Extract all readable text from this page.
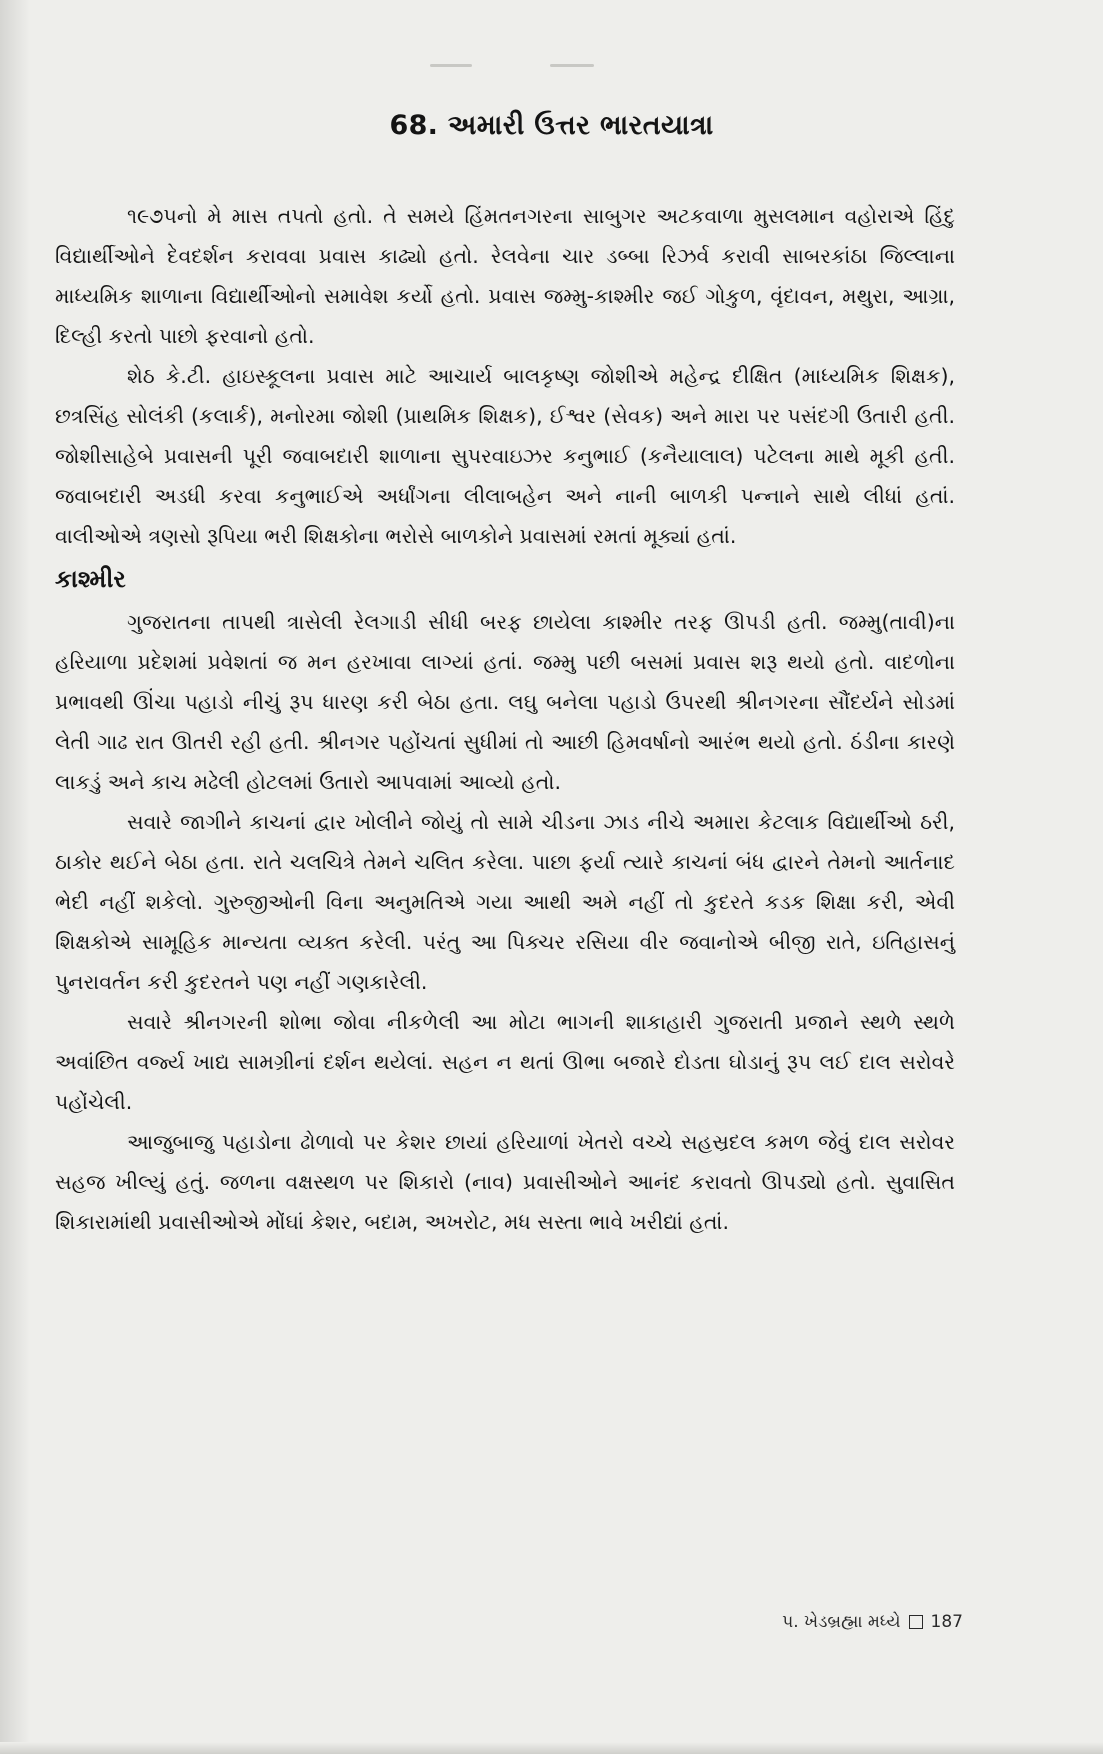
68. અમારી ઉત્તર ભારતયાત્રા

૧૯૭૫નો મે માસ તપતો હતો. તે સમયે હિંમતનગરના સાબુગર અટકવાળા મુસલમાન વહોરાએ હિંદુ વિદ્યાર્થીઓને દેવદર્શન કરાવવા પ્રવાસ કાઢ્યો હતો. રેલવેના ચાર ડબ્બા રિઝર્વ કરાવી સાબરકાંઠા જિલ્લાના માધ્યમિક શાળાના વિદ્યાર્થીઓનો સમાવેશ કર્યો હતો. પ્રવાસ જમ્મુ-કાશ્મીર જઈ ગોકુળ, વૃંદાવન, મથુરા, આગ્રા, દિલ્હી કરતો પાછો ફરવાનો હતો.

શેઠ કે.ટી. હાઇસ્કૂલના પ્રવાસ માટે આચાર્ય બાલકૃષ્ણ જોશીએ મહેન્દ્ર દીક્ષિત (માધ્યમિક શિક્ષક), છત્રસિંહ સોલંકી (કલાર્ક), મનોરમા જોશી (પ્રાથમિક શિક્ષક), ઈશ્વર (સેવક) અને મારા પર પસંદગી ઉતારી હતી. જોશીસાહેબે પ્રવાસની પૂરી જવાબદારી શાળાના સુપરવાઇઝર કનુભાઈ (કનૈયાલાલ) પટેલના માથે મૂકી હતી. જવાબદારી અડધી કરવા કનુભાઈએ અર્ધાંગના લીલાબહેન અને નાની બાળકી પન્નાને સાથે લીધાં હતાં. વાલીઓએ ત્રણસો રૂપિયા ભરી શિક્ષકોના ભરોસે બાળકોને પ્રવાસમાં રમતાં મૂક્યાં હતાં.

કાશ્મીર

ગુજરાતના તાપથી ત્રાસેલી રેલગાડી સીધી બરફ છાયેલા કાશ્મીર તરફ ઊપડી હતી. જમ્મુ(તાવી)ના હરિયાળા પ્રદેશમાં પ્રવેશતાં જ મન હરખાવા લાગ્યાં હતાં. જમ્મુ પછી બસમાં પ્રવાસ શરૂ થયો હતો. વાદળોના પ્રભાવથી ઊંચા પહાડો નીચું રૂપ ધારણ કરી બેઠા હતા. લઘુ બનેલા પહાડો ઉપરથી શ્રીનગરના સૌંદર્યને સોડમાં લેતી ગાઢ રાત ઊતરી રહી હતી. શ્રીનગર પહોંચતાં સુધીમાં તો આછી હિમવર્ષાનો આરંભ થયો હતો. ઠંડીના કારણે લાકડું અને કાચ મઢેલી હોટલમાં ઉતારો આપવામાં આવ્યો હતો.

સવારે જાગીને કાચનાં દ્વાર ખોલીને જોયું તો સામે ચીડના ઝાડ નીચે અમારા કેટલાક વિદ્યાર્થીઓ ઠરી, ઠાકોર થઈને બેઠા હતા. રાતે ચલચિત્રે તેમને ચલિત કરેલા. પાછા ફર્યા ત્યારે કાચનાં બંધ દ્વારને તેમનો આર્તનાદ ભેદી નહીં શકેલો. ગુરુજીઓની વિના અનુમતિએ ગયા આથી અમે નહીં તો કુદરતે કડક શિક્ષા કરી, એવી શિક્ષકોએ સામૂહિક માન્યતા વ્યક્ત કરેલી. પરંતુ આ પિક્ચર રસિયા વીર જવાનોએ બીજી રાતે, ઇતિહાસનું પુનરાવર્તન કરી કુદરતને પણ નહીં ગણકારેલી.

સવારે શ્રીનગરની શોભા જોવા નીકળેલી આ મોટા ભાગની શાકાહારી ગુજરાતી પ્રજાને સ્થળે સ્થળે અવાંછિત વર્જ્ય ખાદ્ય સામગ્રીનાં દર્શન થયેલાં. સહન ન થતાં ઊભા બજારે દોડતા ઘોડાનું રૂપ લઈ દાલ સરોવરે પહોંચેલી.

આજુબાજુ પહાડોના ઢોળાવો પર કેશર છાયાં હરિયાળાં ખેતરો વચ્ચે સહસ્રદલ કમળ જેવું દાલ સરોવર સહજ ખીલ્યું હતું. જળના વક્ષસ્થળ પર શિકારો (નાવ) પ્રવાસીઓને આનંદ કરાવતો ઊપડ્યો હતો. સુવાસિત શિકારામાંથી પ્રવાસીઓએ મોંઘાં કેશર, બદામ, અખરોટ, મધ સસ્તા ભાવે ખરીદ્યાં હતાં.

પ. ખેડબ્રહ્મા મધ્યે 187
